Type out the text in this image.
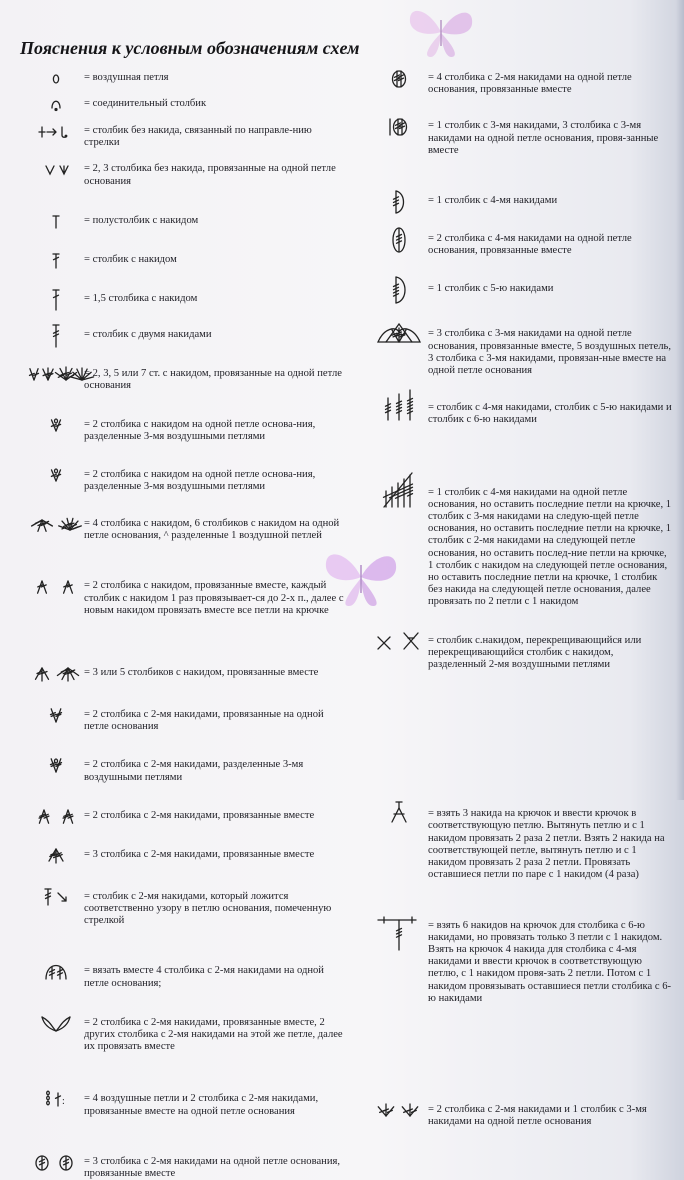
Пояснения к условным обозначениям схем

= воздушная петля

= соединительный столбик

= столбик без накида, связанный по направле-нию стрелки

= 2, 3 столбика без накида, провязанные на одной петле основания

= полустолбик с накидом

= столбик с накидом

= 1,5 столбика с накидом

= столбик с двумя накидами

= 2, 3, 5 или 7 ст. с накидом, провязанные на одной петле основания

= 2 столбика с накидом на одной петле основа-ния, разделенные 3-мя воздушными петлями

= 2 столбика с накидом на одной петле основа-ния, разделенные 3-мя воздушными петлями

= 4 столбика с накидом, 6 столбиков с накидом на одной петле основания, ^ разделенные 1 воздушной петлей

= 2 столбика с накидом, провязанные вместе, каждый столбик с накидом 1 раз провязывает-ся до 2-х п., далее с новым накидом провязать вместе все петли на крючке

= 3 или 5 столбиков с накидом, провязанные вместе

= 2 столбика с 2-мя накидами, провязанные на одной петле основания

= 2 столбика с 2-мя накидами, разделенные 3-мя воздушными петлями

= 2 столбика с 2-мя накидами, провязанные вместе

= 3 столбика с 2-мя накидами, провязанные вместе

= столбик с 2-мя накидами, который ложится соответственно узору в петлю основания, помеченную стрелкой

= вязать вместе 4 столбика с 2-мя накидами на одной петле основания;

= 2 столбика с 2-мя накидами, провязанные вместе, 2 других столбика с 2-мя накидами на этой же петле, далее их провязать вместе

: = 4 воздушные петли и 2 столбика с 2-мя накидами, провязанные вместе на одной петле основания

= 3 столбика с 2-мя накидами на одной петле основания, провязанные вместе

= 4 столбика с 2-мя накидами на одной петле основания, провязанные вместе

= 1 столбик с 3-мя накидами, 3 столбика с 3-мя накидами на одной петле основания, провя-занные вместе

= 1 столбик с 4-мя накидами

= 2 столбика с 4-мя накидами на одной петле основания, провязанные вместе

= 1 столбик с 5-ю накидами

= 3 столбика с 3-мя накидами на одной петле основания, провязанные вместе, 5 воздушных петель, 3 столбика с 3-мя накидами, провязан-ные вместе на одной петле основания

= столбик с 4-мя накидами, столбик с 5-ю накидами и столбик с 6-ю накидами

= 1 столбик с 4-мя накидами на одной петле основания, но оставить последние петли на крючке, 1 столбик с 3-мя накидами на следую-щей петле основания, но оставить последние петли на крючке, 1 столбик с 2-мя накидами на следующей петле основания, но оставить послед-ние петли на крючке, 1 столбик с накидом на следующей петле основания, но оставить последние петли на крючке, 1 столбик без накида на следующей петле основания, далее провязать по 2 петли с 1 накидом

= столбик с.накидом, перекрещивающийся или перекрещивающийся столбик с накидом, разделенный 2-мя воздушными петлями

= взять 3 накида на крючок и ввести крючок в соответствующую петлю. Вытянуть петлю и с 1 накидом провязать 2 раза 2 петли. Взять 2 накида на соответствующей петле, вытянуть петлю и с 1 накидом провязать 2 раза 2 петли. Провязать оставшиеся петли по паре с 1 накидом (4 раза)

= взять 6 накидов на крючок для столбика с 6-ю накидами, но провязать только 3 петли с 1 накидом. Взять на крючок 4 накида для столбика с 4-мя накидами и ввести крючок в соответствующую петлю, с 1 накидом провя-зать 2 петли. Потом с 1 накидом провязывать оставшиеся петли столбика с 6-ю накидами

= 2 столбика с 2-мя накидами и 1 столбик с 3-мя накидами на одной петле основания
